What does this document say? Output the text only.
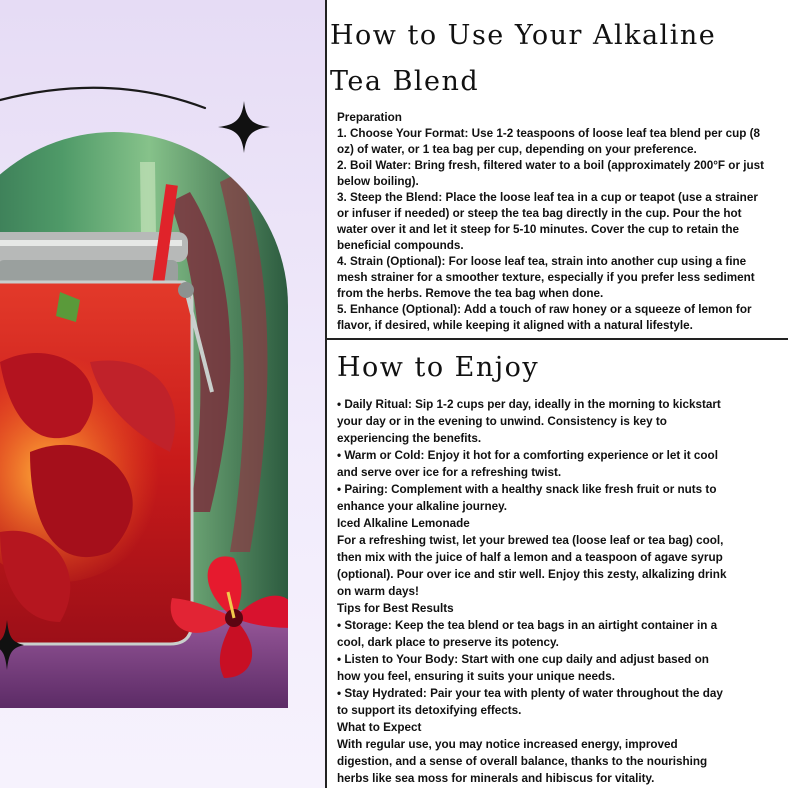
How to Use Your Alkaline
Tea Blend

Preparation

1. Choose Your Format: Use 1-2 teaspoons of loose leaf tea blend per cup (8

oz) of water, or 1 tea bag per cup, depending on your preference.

2. Boil Water: Bring fresh, filtered water to a boil (approximately 200°F or just

below boiling).

3. Steep the Blend: Place the loose leaf tea in a cup or teapot (use a strainer

or infuser if needed) or steep the tea bag directly in the cup. Pour the hot

water over it and let it steep for 5-10 minutes. Cover the cup to retain the

beneficial compounds.

4. Strain (Optional): For loose leaf tea, strain into another cup using a fine

mesh strainer for a smoother texture, especially if you prefer less sediment

from the herbs. Remove the tea bag when done.

5. Enhance (Optional): Add a touch of raw honey or a squeeze of lemon for

flavor, if desired, while keeping it aligned with a natural lifestyle.

How to Enjoy

• Daily Ritual: Sip 1-2 cups per day, ideally in the morning to kickstart

your day or in the evening to unwind. Consistency is key to

experiencing the benefits.

• Warm or Cold: Enjoy it hot for a comforting experience or let it cool

and serve over ice for a refreshing twist.

• Pairing: Complement with a healthy snack like fresh fruit or nuts to

enhance your alkaline journey.

Iced Alkaline Lemonade

For a refreshing twist, let your brewed tea (loose leaf or tea bag) cool,

then mix with the juice of half a lemon and a teaspoon of agave syrup

(optional). Pour over ice and stir well. Enjoy this zesty, alkalizing drink

on warm days!

Tips for Best Results

• Storage: Keep the tea blend or tea bags in an airtight container in a

cool, dark place to preserve its potency.

• Listen to Your Body: Start with one cup daily and adjust based on

how you feel, ensuring it suits your unique needs.

• Stay Hydrated: Pair your tea with plenty of water throughout the day

to support its detoxifying effects.

What to Expect

With regular use, you may notice increased energy, improved

digestion, and a sense of overall balance, thanks to the nourishing

herbs like sea moss for minerals and hibiscus for vitality.
